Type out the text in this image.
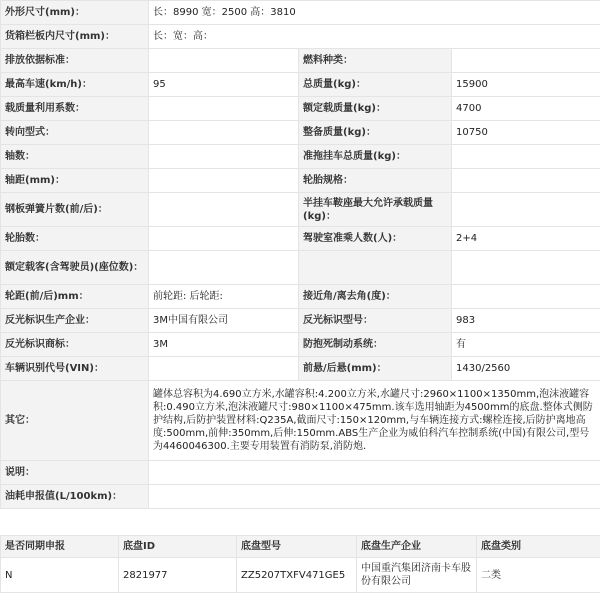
外形尺寸(mm)：	长：8990 宽：2500 高：3810		
货箱栏板内尺寸(mm)：	长：宽：高：		
排放依据标准：		燃料种类：	
最高车速(km/h)：	95	总质量(kg)：	15900
载质量利用系数：		额定载质量(kg)：	4700
转向型式：		整备质量(kg)：	10750
轴数：		准拖挂车总质量(kg)：	
轴距(mm)：		轮胎规格：	
钢板弹簧片数(前/后)：		半挂车鞍座最大允许承载质量(kg)：	
轮胎数：		驾驶室准乘人数(人)：	2+4
额定载客(含驾驶员)(座位数)：			
轮距(前/后)mm：	前轮距: 后轮距:	接近角/离去角(度)：	
反光标识生产企业：	3M中国有限公司	反光标识型号：	983
反光标识商标：	3M	防抱死制动系统：	有
车辆识别代号(VIN)：		前悬/后悬(mm)：	1430/2560
其它：	罐体总容积为4.690立方米,水罐容积:4.200立方米,水罐尺寸:2960×1100×1350mm,泡沫液罐容积:0.490立方米,泡沫液罐尺寸:980×1100×475mm.该车选用轴距为4500mm的底盘.整体式侧防护结构,后防护装置材料:Q235A,截面尺寸:150×120mm,与车辆连接方式:螺栓连接,后防护离地高度:500mm,前伸:350mm,后伸:150mm.ABS生产企业为威伯科汽车控制系统(中国)有限公司,型号为4460046300.主要专用装置有消防泵,消防炮.		
说明：			
油耗申报值(L/100km)：			
是否同期申报	底盘ID	底盘型号	底盘生产企业	底盘类别
N	2821977	ZZ5207TXFV471GE5	中国重汽集团济南卡车股份有限公司	二类
